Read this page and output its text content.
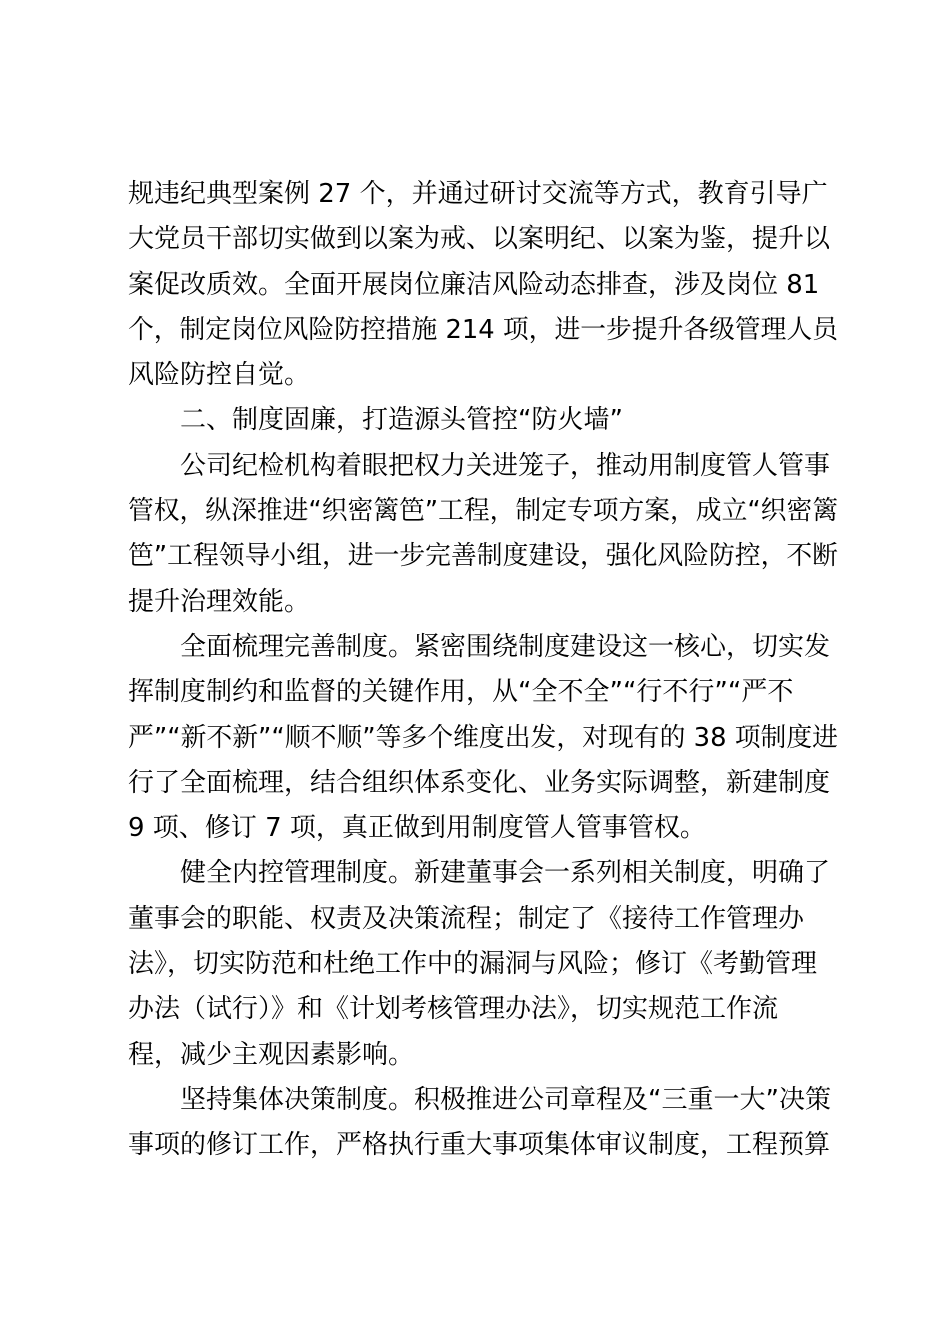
规违纪典型案例 27 个，并通过研讨交流等方式，教育引导广
大党员干部切实做到以案为戒、以案明纪、以案为鉴，提升以
案促改质效。全面开展岗位廉洁风险动态排查，涉及岗位 81
个，制定岗位风险防控措施 214 项，进一步提升各级管理人员
风险防控自觉。
二、制度固廉，打造源头管控“防火墙”
公司纪检机构着眼把权力关进笼子，推动用制度管人管事
管权，纵深推进“织密篱笆”工程，制定专项方案，成立“织密篱
笆”工程领导小组，进一步完善制度建设，强化风险防控，不断
提升治理效能。
全面梳理完善制度。紧密围绕制度建设这一核心，切实发
挥制度制约和监督的关键作用，从“全不全”“行不行”“严不
严”“新不新”“顺不顺”等多个维度出发，对现有的 38 项制度进
行了全面梳理，结合组织体系变化、业务实际调整，新建制度
9 项、修订 7 项，真正做到用制度管人管事管权。
健全内控管理制度。新建董事会一系列相关制度，明确了
董事会的职能、权责及决策流程；制定了《接待工作管理办
法》，切实防范和杜绝工作中的漏洞与风险；修订《考勤管理
办法（试行）》和《计划考核管理办法》，切实规范工作流
程，减少主观因素影响。
坚持集体决策制度。积极推进公司章程及“三重一大”决策
事项的修订工作，严格执行重大事项集体审议制度，工程预算
